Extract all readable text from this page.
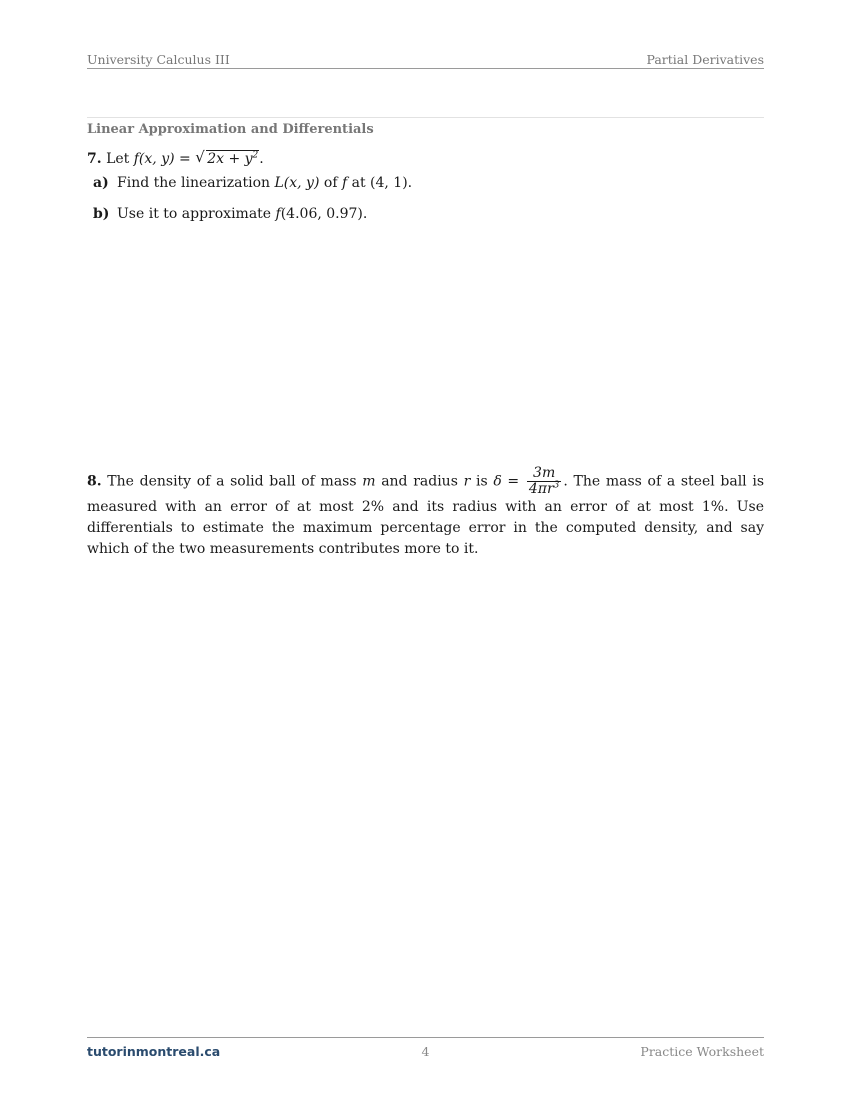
University Calculus III	Partial Derivatives
Linear Approximation and Differentials
7. Let f(x, y) = √ $2x + y^2$.
a) Find the linearization L(x, y) of f at (4, 1).
b) Use it to approximate f(4.06, 0.97).
8. The density of a solid ball of mass m and radius r is $\delta = \frac{3m}{4\pi r^3}$ . The mass of a steel ball is measured with an error of at most 2% and its radius with an error of at most 1%. Use differentials to estimate the maximum percentage error in the computed density, and say which of the two measurements contributes more to it.
tutorinmontreal.ca	4	Practice Worksheet
